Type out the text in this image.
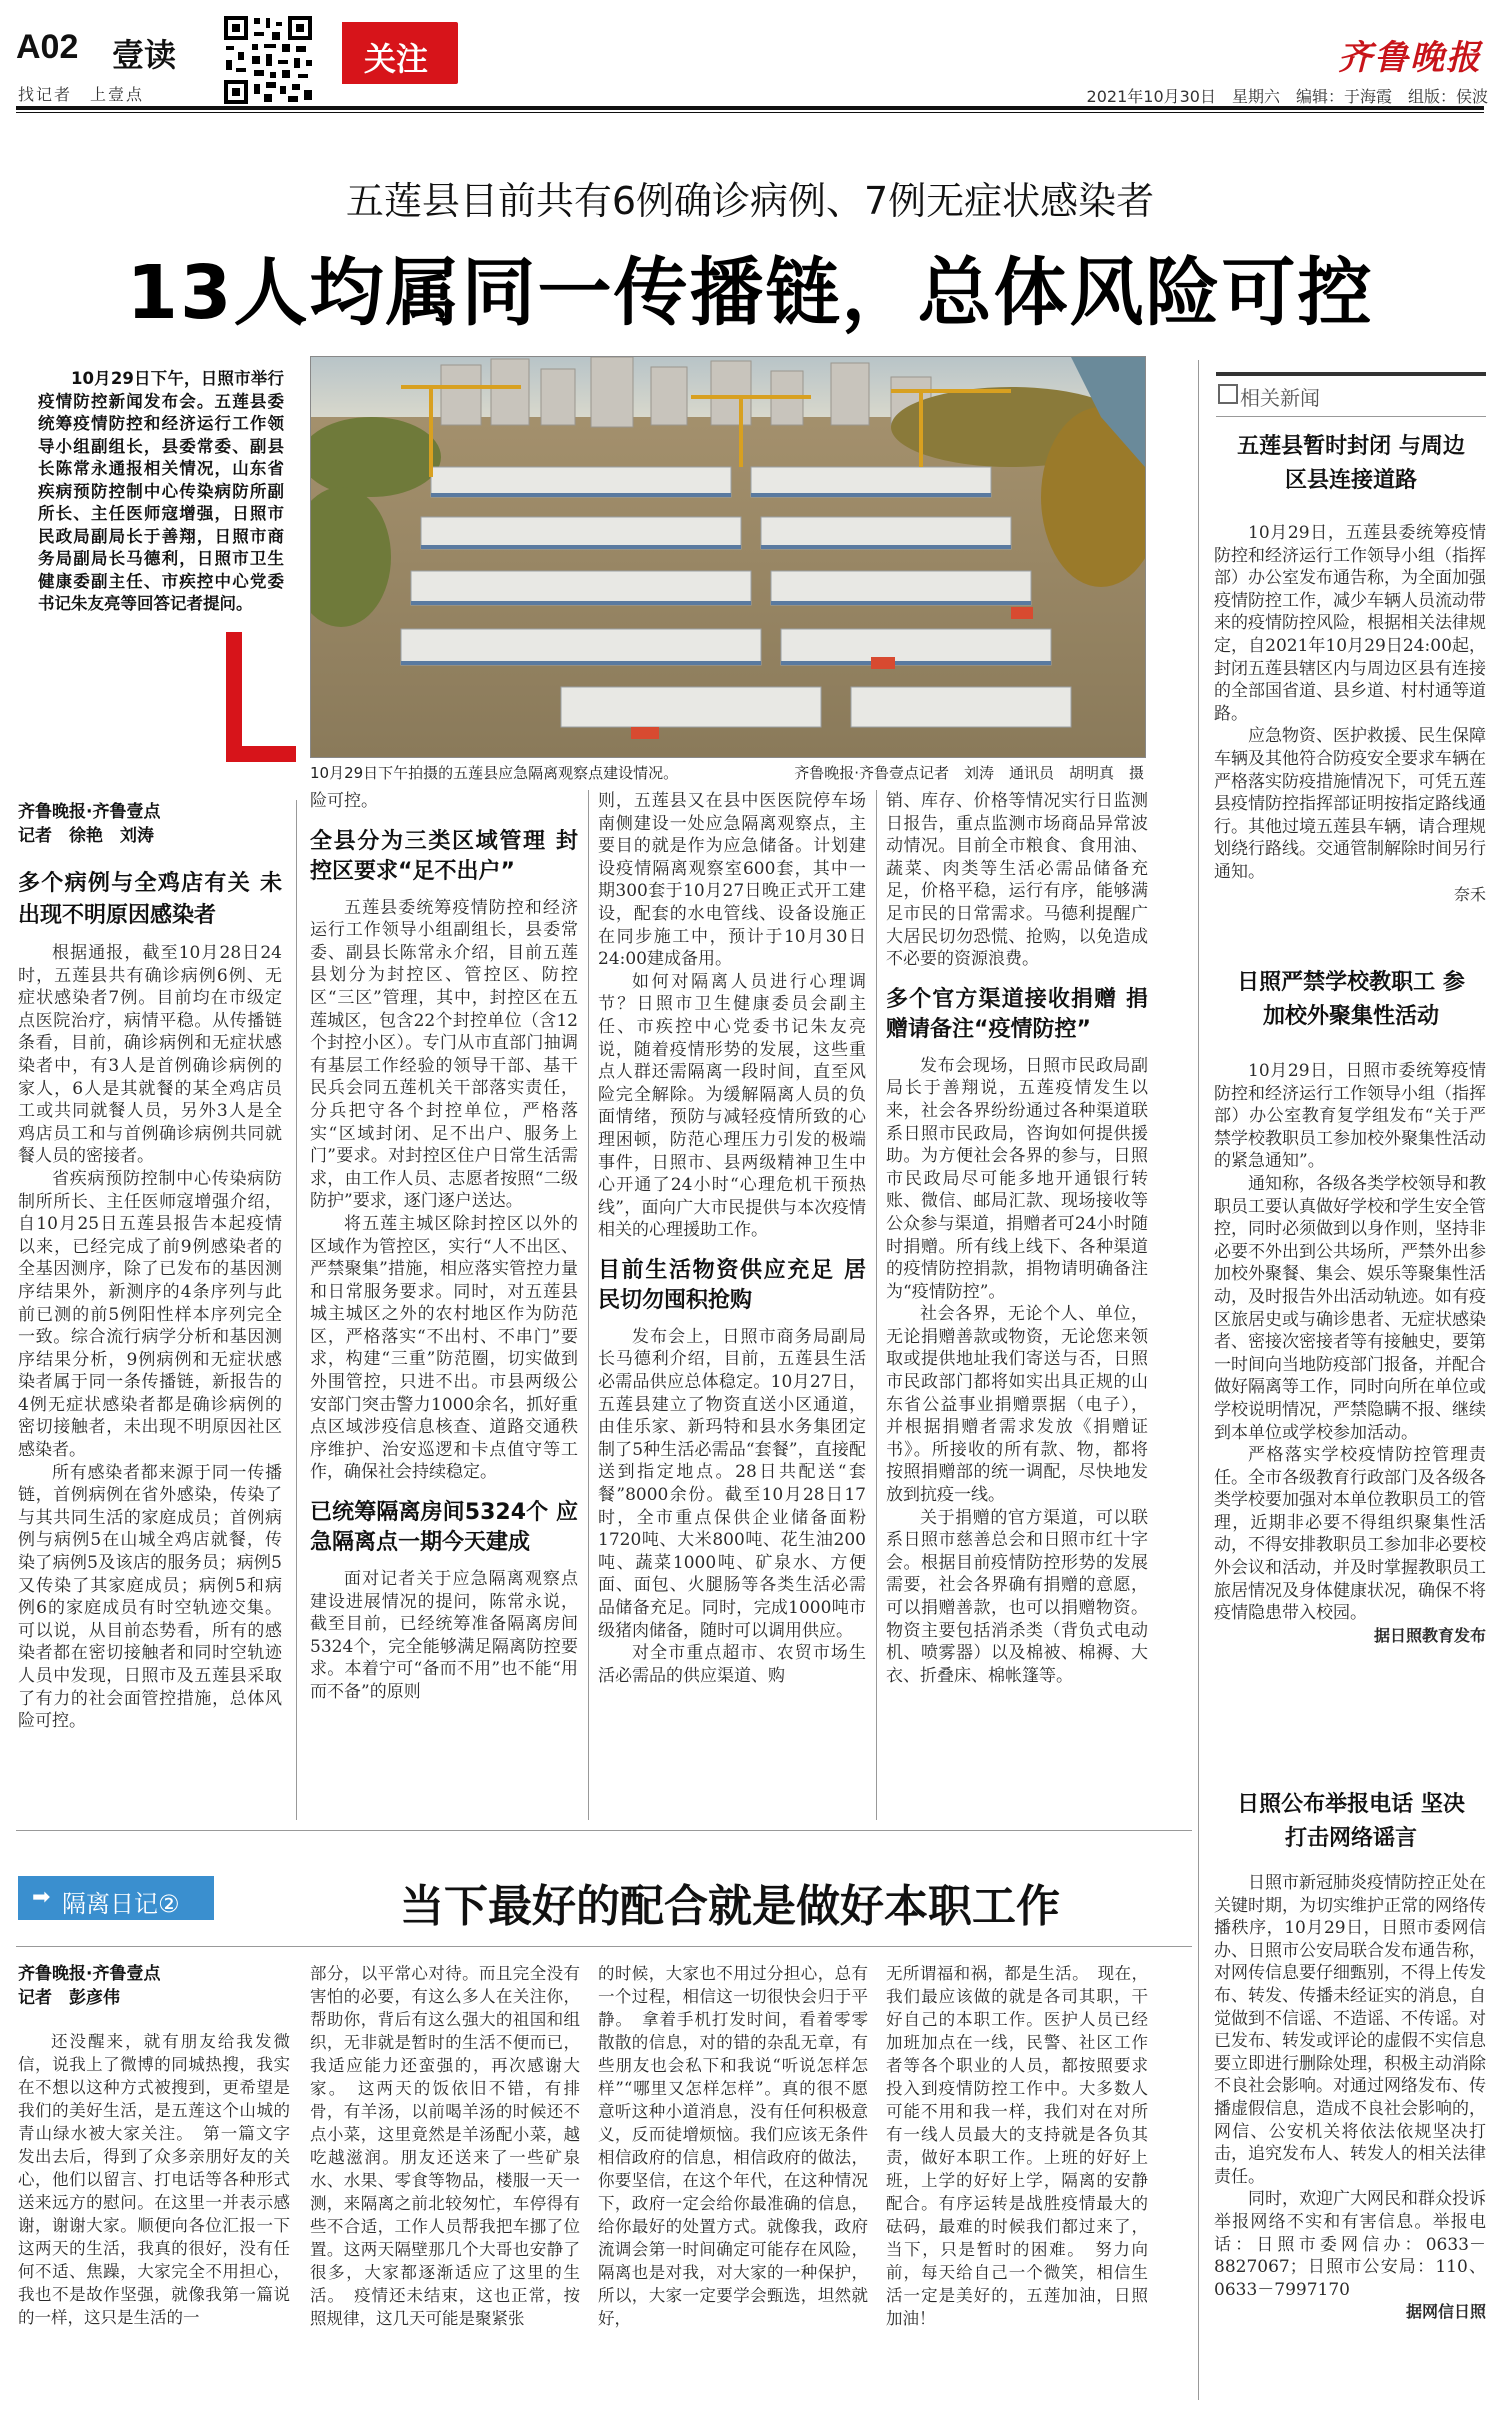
A02 壹读
找记者　上壹点
关注	齐鲁晚报
2021年10月30日　星期六　编辑：于海霞　组版：侯波
五莲县目前共有6例确诊病例、7例无症状感染者
13人均属同一传播链，总体风险可控

10月29日下午，日照市举行疫情防控新闻发布会。五莲县委统筹疫情防控和经济运行工作领导小组副组长，县委常委、副县长陈常永通报相关情况，山东省疾病预防控制中心传染病防所副所长、主任医师寇增强，日照市民政局副局长于善翔，日照市商务局副局长马德利，日照市卫生健康委副主任、市疾控中心党委书记朱友亮等回答记者提问。

齐鲁晚报·齐鲁壹点
记者　徐艳　刘涛
多个病例与全鸡店有关 未出现不明原因感染者

根据通报，截至10月28日24时，五莲县共有确诊病例6例、无症状感染者7例。目前均在市级定点医院治疗，病情平稳。从传播链条看，目前，确诊病例和无症状感染者中，有3人是首例确诊病例的家人，6人是其就餐的某全鸡店员工或共同就餐人员，另外3人是全鸡店员工和与首例确诊病例共同就餐人员的密接者。

省疾病预防控制中心传染病防制所所长、主任医师寇增强介绍，自10月25日五莲县报告本起疫情以来，已经完成了前9例感染者的全基因测序，除了已发布的基因测序结果外，新测序的4条序列与此前已测的前5例阳性样本序列完全一致。综合流行病学分析和基因测序结果分析，9例病例和无症状感染者属于同一条传播链，新报告的4例无症状感染者都是确诊病例的密切接触者，未出现不明原因社区感染者。

所有感染者都来源于同一传播链，首例病例在省外感染，传染了与其共同生活的家庭成员；首例病例与病例5在山城全鸡店就餐，传染了病例5及该店的服务员；病例5又传染了其家庭成员；病例5和病例6的家庭成员有时空轨迹交集。可以说，从目前态势看，所有的感染者都在密切接触者和同时空轨迹人员中发现，日照市及五莲县采取了有力的社会面管控措施，总体风险可控。

10月29日下午拍摄的五莲县应急隔离观察点建设情况。	齐鲁晚报·齐鲁壹点记者　刘涛　通讯员　胡明真　摄

险可控。

全县分为三类区域管理 封控区要求“足不出户”

五莲县委统筹疫情防控和经济运行工作领导小组副组长，县委常委、副县长陈常永介绍，目前五莲县划分为封控区、管控区、防控区“三区”管理，其中，封控区在五莲城区，包含22个封控单位（含12个封控小区）。专门从市直部门抽调有基层工作经验的领导干部、基干民兵会同五莲机关干部落实责任，分兵把守各个封控单位，严格落实“区域封闭、足不出户、服务上门”要求。对封控区住户日常生活需求，由工作人员、志愿者按照“二级防护”要求，逐门逐户送达。

将五莲主城区除封控区以外的区域作为管控区，实行“人不出区、严禁聚集”措施，相应落实管控力量和日常服务要求。同时，对五莲县城主城区之外的农村地区作为防范区，严格落实“不出村、不串门”要求，构建“三重”防范圈，切实做到外围管控，只进不出。市县两级公安部门突击警力1000余名，抓好重点区域涉疫信息核查、道路交通秩序维护、治安巡逻和卡点值守等工作，确保社会持续稳定。

已统筹隔离房间5324个 应急隔离点一期今天建成

面对记者关于应急隔离观察点建设进展情况的提问，陈常永说，截至目前，已经统筹准备隔离房间5324个，完全能够满足隔离防控要求。本着宁可“备而不用”也不能“用而不备”的原则

则，五莲县又在县中医医院停车场南侧建设一处应急隔离观察点，主要目的就是作为应急储备。计划建设疫情隔离观察室600套，其中一期300套于10月27日晚正式开工建设，配套的水电管线、设备设施正在同步施工中，预计于10月30日24:00建成备用。

如何对隔离人员进行心理调节？日照市卫生健康委员会副主任、市疾控中心党委书记朱友亮说，随着疫情形势的发展，这些重点人群还需隔离一段时间，直至风险完全解除。为缓解隔离人员的负面情绪，预防与减轻疫情所致的心理困顿，防范心理压力引发的极端事件，日照市、县两级精神卫生中心开通了24小时“心理危机干预热线”，面向广大市民提供与本次疫情相关的心理援助工作。

目前生活物资供应充足 居民切勿囤积抢购

发布会上，日照市商务局副局长马德利介绍，目前，五莲县生活必需品供应总体稳定。10月27日，五莲县建立了物资直送小区通道，由佳乐家、新玛特和县水务集团定制了5种生活必需品“套餐”，直接配送到指定地点。28日共配送“套餐”8000余份。截至10月28日17时，全市重点保供企业储备面粉1720吨、大米800吨、花生油200吨、蔬菜1000吨、矿泉水、方便面、面包、火腿肠等各类生活必需品储备充足。同时，完成1000吨市级猪肉储备，随时可以调用供应。

对全市重点超市、农贸市场生活必需品的供应渠道、购

销、库存、价格等情况实行日监测日报告，重点监测市场商品异常波动情况。目前全市粮食、食用油、蔬菜、肉类等生活必需品储备充足，价格平稳，运行有序，能够满足市民的日常需求。马德利提醒广大居民切勿恐慌、抢购，以免造成不必要的资源浪费。

多个官方渠道接收捐赠 捐赠请备注“疫情防控”

发布会现场，日照市民政局副局长于善翔说，五莲疫情发生以来，社会各界纷纷通过各种渠道联系日照市民政局，咨询如何提供援助。为方便社会各界的参与，日照市民政局尽可能多地开通银行转账、微信、邮局汇款、现场接收等公众参与渠道，捐赠者可24小时随时捐赠。所有线上线下、各种渠道的疫情防控捐款，捐物请明确备注为“疫情防控”。

社会各界，无论个人、单位，无论捐赠善款或物资，无论您来领取或提供地址我们寄送与否，日照市民政部门都将如实出具正规的山东省公益事业捐赠票据（电子），并根据捐赠者需求发放《捐赠证书》。所接收的所有款、物，都将按照捐赠部的统一调配，尽快地发放到抗疫一线。

关于捐赠的官方渠道，可以联系日照市慈善总会和日照市红十字会。根据目前疫情防控形势的发展需要，社会各界确有捐赠的意愿，可以捐赠善款，也可以捐赠物资。物资主要包括消杀类（背负式电动机、喷雾器）以及棉被、棉褥、大衣、折叠床、棉帐篷等。

相关新闻
五莲县暂时封闭 与周边区县连接道路

10月29日，五莲县委统筹疫情防控和经济运行工作领导小组（指挥部）办公室发布通告称，为全面加强疫情防控工作，减少车辆人员流动带来的疫情防控风险，根据相关法律规定，自2021年10月29日24:00起，封闭五莲县辖区内与周边区县有连接的全部国省道、县乡道、村村通等道路。

应急物资、医护救援、民生保障车辆及其他符合防疫安全要求车辆在严格落实防疫措施情况下，可凭五莲县疫情防控指挥部证明按指定路线通行。其他过境五莲县车辆，请合理规划绕行路线。交通管制解除时间另行通知。

奈禾
日照严禁学校教职工 参加校外聚集性活动

10月29日，日照市委统筹疫情防控和经济运行工作领导小组（指挥部）办公室教育复学组发布“关于严禁学校教职员工参加校外聚集性活动的紧急通知”。

通知称，各级各类学校领导和教职员工要认真做好学校和学生安全管控，同时必须做到以身作则，坚持非必要不外出到公共场所，严禁外出参加校外聚餐、集会、娱乐等聚集性活动，及时报告外出活动轨迹。如有疫区旅居史或与确诊患者、无症状感染者、密接次密接者等有接触史，要第一时间向当地防疫部门报备，并配合做好隔离等工作，同时向所在单位或学校说明情况，严禁隐瞒不报、继续到本单位或学校参加活动。

严格落实学校疫情防控管理责任。全市各级教育行政部门及各级各类学校要加强对本单位教职员工的管理，近期非必要不得组织聚集性活动，不得安排教职员工参加非必要校外会议和活动，并及时掌握教职员工旅居情况及身体健康状况，确保不将疫情隐患带入校园。

据日照教育发布
日照公布举报电话 坚决打击网络谣言

日照市新冠肺炎疫情防控正处在关键时期，为切实维护正常的网络传播秩序，10月29日，日照市委网信办、日照市公安局联合发布通告称，对网传信息要仔细甄别，不得上传发布、转发、传播未经证实的消息，自觉做到不信谣、不造谣、不传谣。对已发布、转发或评论的虚假不实信息要立即进行删除处理，积极主动消除不良社会影响。对通过网络发布、传播虚假信息，造成不良社会影响的，网信、公安机关将依法依规坚决打击，追究发布人、转发人的相关法律责任。

同时，欢迎广大网民和群众投诉举报网络不实和有害信息。举报电话：日照市委网信办：0633－8827067；日照市公安局：110、0633－7997170

据网信日照
➡ 隔离日记②	当下最好的配合就是做好本职工作
齐鲁晚报·齐鲁壹点
记者　彭彦伟

还没醒来，就有朋友给我发微信，说我上了微博的同城热搜，我实在不想以这种方式被搜到，更希望是我们的美好生活，是五莲这个山城的青山绿水被大家关注。　第一篇文字发出去后，得到了众多亲朋好友的关心，他们以留言、打电话等各种形式送来远方的慰问。在这里一并表示感谢，谢谢大家。顺便向各位汇报一下这两天的生活，我真的很好，没有任何不适、焦躁，大家完全不用担心，我也不是故作坚强，就像我第一篇说的一样，这只是生活的一

部分，以平常心对待。而且完全没有害怕的必要，有这么多人在关注你，帮助你，背后有这么强大的祖国和组织，无非就是暂时的生活不便而已，我适应能力还蛮强的，再次感谢大家。　这两天的饭依旧不错，有排骨，有羊汤，以前喝羊汤的时候还不点小菜，这里竟然是羊汤配小菜，越吃越滋润。朋友还送来了一些矿泉水、水果、零食等物品，楼服一天一测，来隔离之前北较匆忙，车停得有些不合适，工作人员帮我把车挪了位置。这两天隔壁那几个大哥也安静了很多，大家都逐渐适应了这里的生活。　疫情还未结束，这也正常，按照规律，这几天可能是聚紧张

的时候，大家也不用过分担心，总有一个过程，相信这一切很快会归于平静。　拿着手机打发时间，看着零零散散的信息，对的错的杂乱无章，有些朋友也会私下和我说“听说怎样怎样”“哪里又怎样怎样”。真的很不愿意听这种小道消息，没有任何积极意义，反而徒增烦恼。我们应该无条件相信政府的信息，相信政府的做法，你要坚信，在这个年代，在这种情况下，政府一定会给你最准确的信息，给你最好的处置方式。就像我，政府流调会第一时间确定可能存在风险，隔离也是对我，对大家的一种保护，所以，大家一定要学会甄选，坦然就好，

无所谓福和祸，都是生活。　现在，我们最应该做的就是各司其职，干好自己的本职工作。医护人员已经加班加点在一线，民警、社区工作者等各个职业的人员，都按照要求投入到疫情防控工作中。大多数人可能不用和我一样，我们对在对所有一线人员最大的支持就是各负其责，做好本职工作。上班的好好上班，上学的好好上学，隔离的安静配合。有序运转是战胜疫情最大的砝码，最难的时候我们都过来了，当下，只是暂时的困难。　努力向前，每天给自己一个微笑，相信生活一定是美好的，五莲加油，日照加油！
